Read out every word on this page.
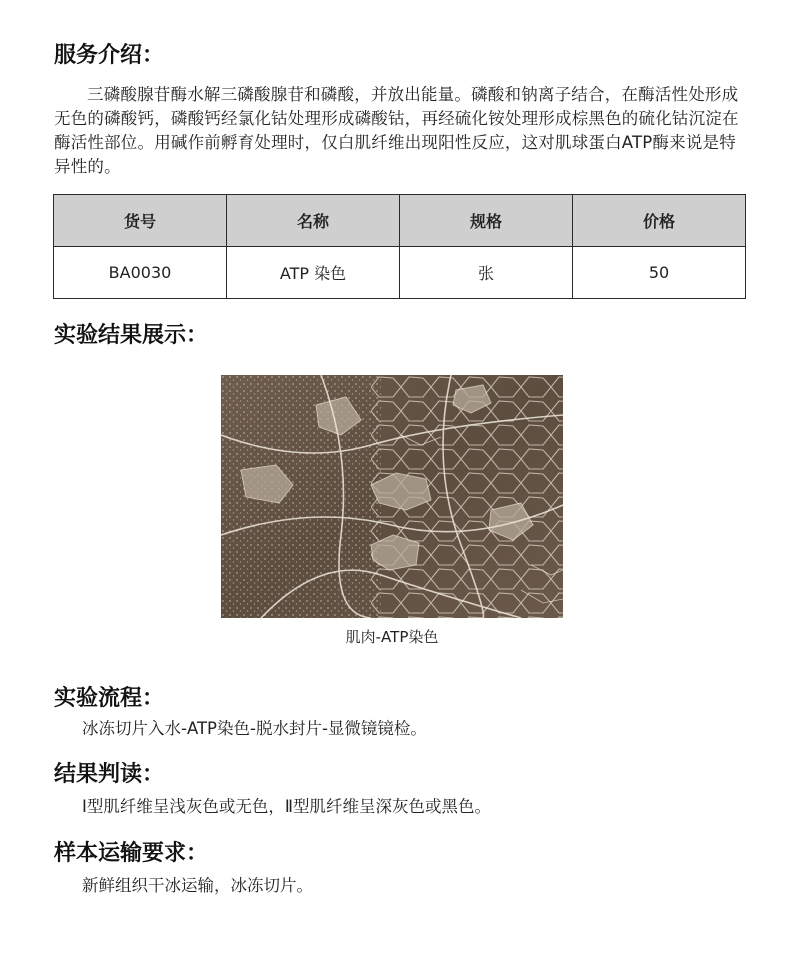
服务介绍：

三磷酸腺苷酶水解三磷酸腺苷和磷酸，并放出能量。磷酸和钠离子结合，在酶活性处形成无色的磷酸钙，磷酸钙经氯化钴处理形成磷酸钴，再经硫化铵处理形成棕黑色的硫化钴沉淀在酶活性部位。用碱作前孵育处理时，仅白肌纤维出现阳性反应，这对肌球蛋白ATP酶来说是特异性的。

货号	名称	规格	价格
BA0030	ATP 染色	张	50
实验结果展示：
肌肉-ATP染色
实验流程：

冰冻切片入水-ATP染色-脱水封片-显微镜镜检。

结果判读：

Ⅰ型肌纤维呈浅灰色或无色，Ⅱ型肌纤维呈深灰色或黑色。

样本运输要求：

新鲜组织干冰运输，冰冻切片。
